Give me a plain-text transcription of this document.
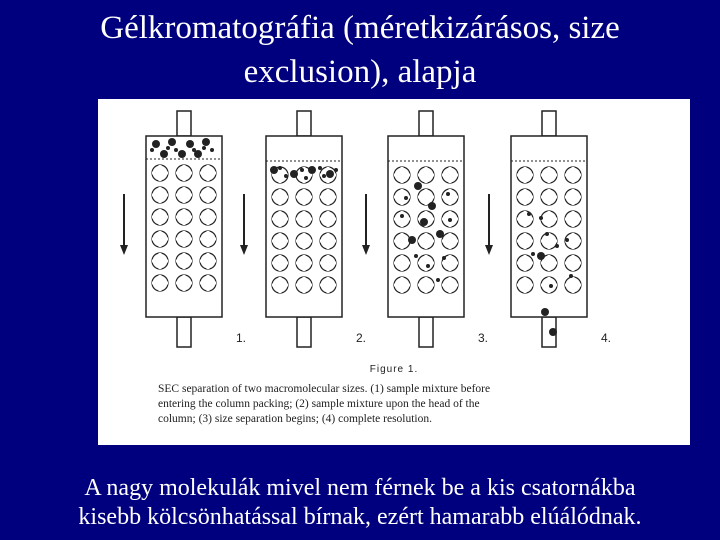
Gélkromatográfia (méretkizárásos, size
exclusion), alapja
1.	2.	3.	4.
Figure 1.
SEC separation of two macromolecular sizes. (1) sample mixture before
entering the column packing; (2) sample mixture upon the head of the
column; (3) size separation begins; (4) complete resolution.
A nagy molekulák mivel nem férnek be a kis csatornákba
kisebb kölcsönhatással bírnak, ezért hamarabb elúálódnak.
